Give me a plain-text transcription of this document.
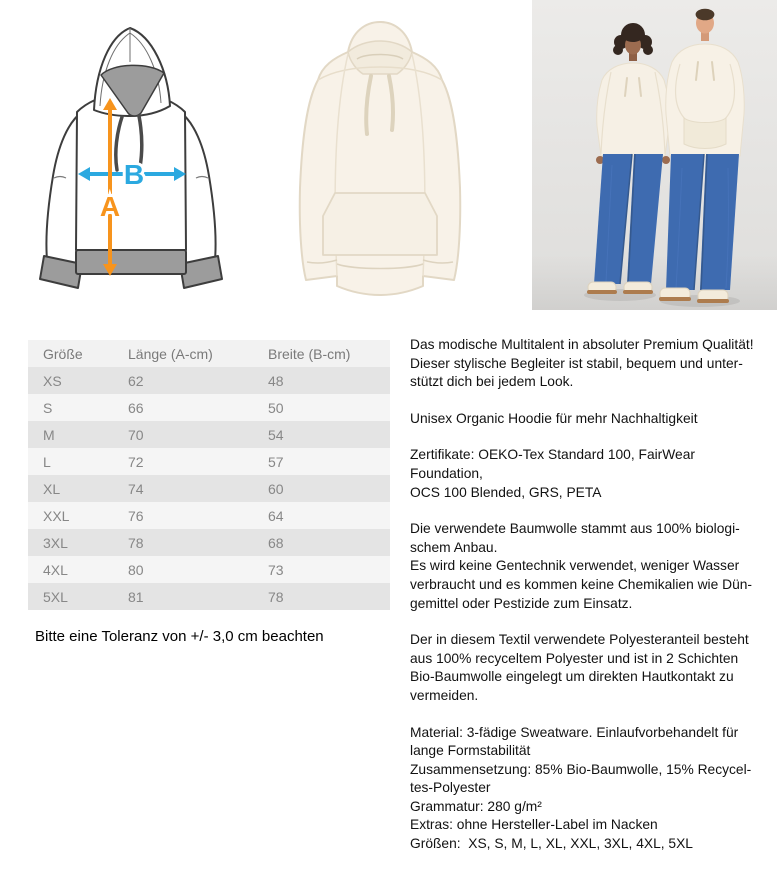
B
A
Größe	Länge (A-cm)	Breite (B-cm)
XS	62	48
S	66	50
M	70	54
L	72	57
XL	74	60
XXL	76	64
3XL	78	68
4XL	80	73
5XL	81	78
Bitte eine Toleranz von +/- 3,0 cm beachten
Das modische Multitalent in absoluter Premium Qualität!
Dieser stylische Begleiter ist stabil, bequem und unter-
stützt dich bei jedem Look.
Unisex Organic Hoodie für mehr Nachhaltigkeit
Zertifikate: OEKO-Tex Standard 100, FairWear Foundation,
OCS 100 Blended, GRS, PETA
Die verwendete Baumwolle stammt aus 100% biologi-
schem Anbau.
Es wird keine Gentechnik verwendet, weniger Wasser
verbraucht und es kommen keine Chemikalien wie Dün-
gemittel oder Pestizide zum Einsatz.
Der in diesem Textil verwendete Polyesteranteil besteht
aus 100% recyceltem Polyester und ist in 2 Schichten
Bio-Baumwolle eingelegt um direkten Hautkontakt zu
vermeiden.
Material: 3-fädige Sweatware. Einlaufvorbehandelt für
lange Formstabilität
Zusammensetzung: 85% Bio-Baumwolle, 15% Recycel-
tes-Polyester
Grammatur: 280 g/m²
Extras: ohne Hersteller-Label im Nacken
Größen:  XS, S, M, L, XL, XXL, 3XL, 4XL, 5XL
